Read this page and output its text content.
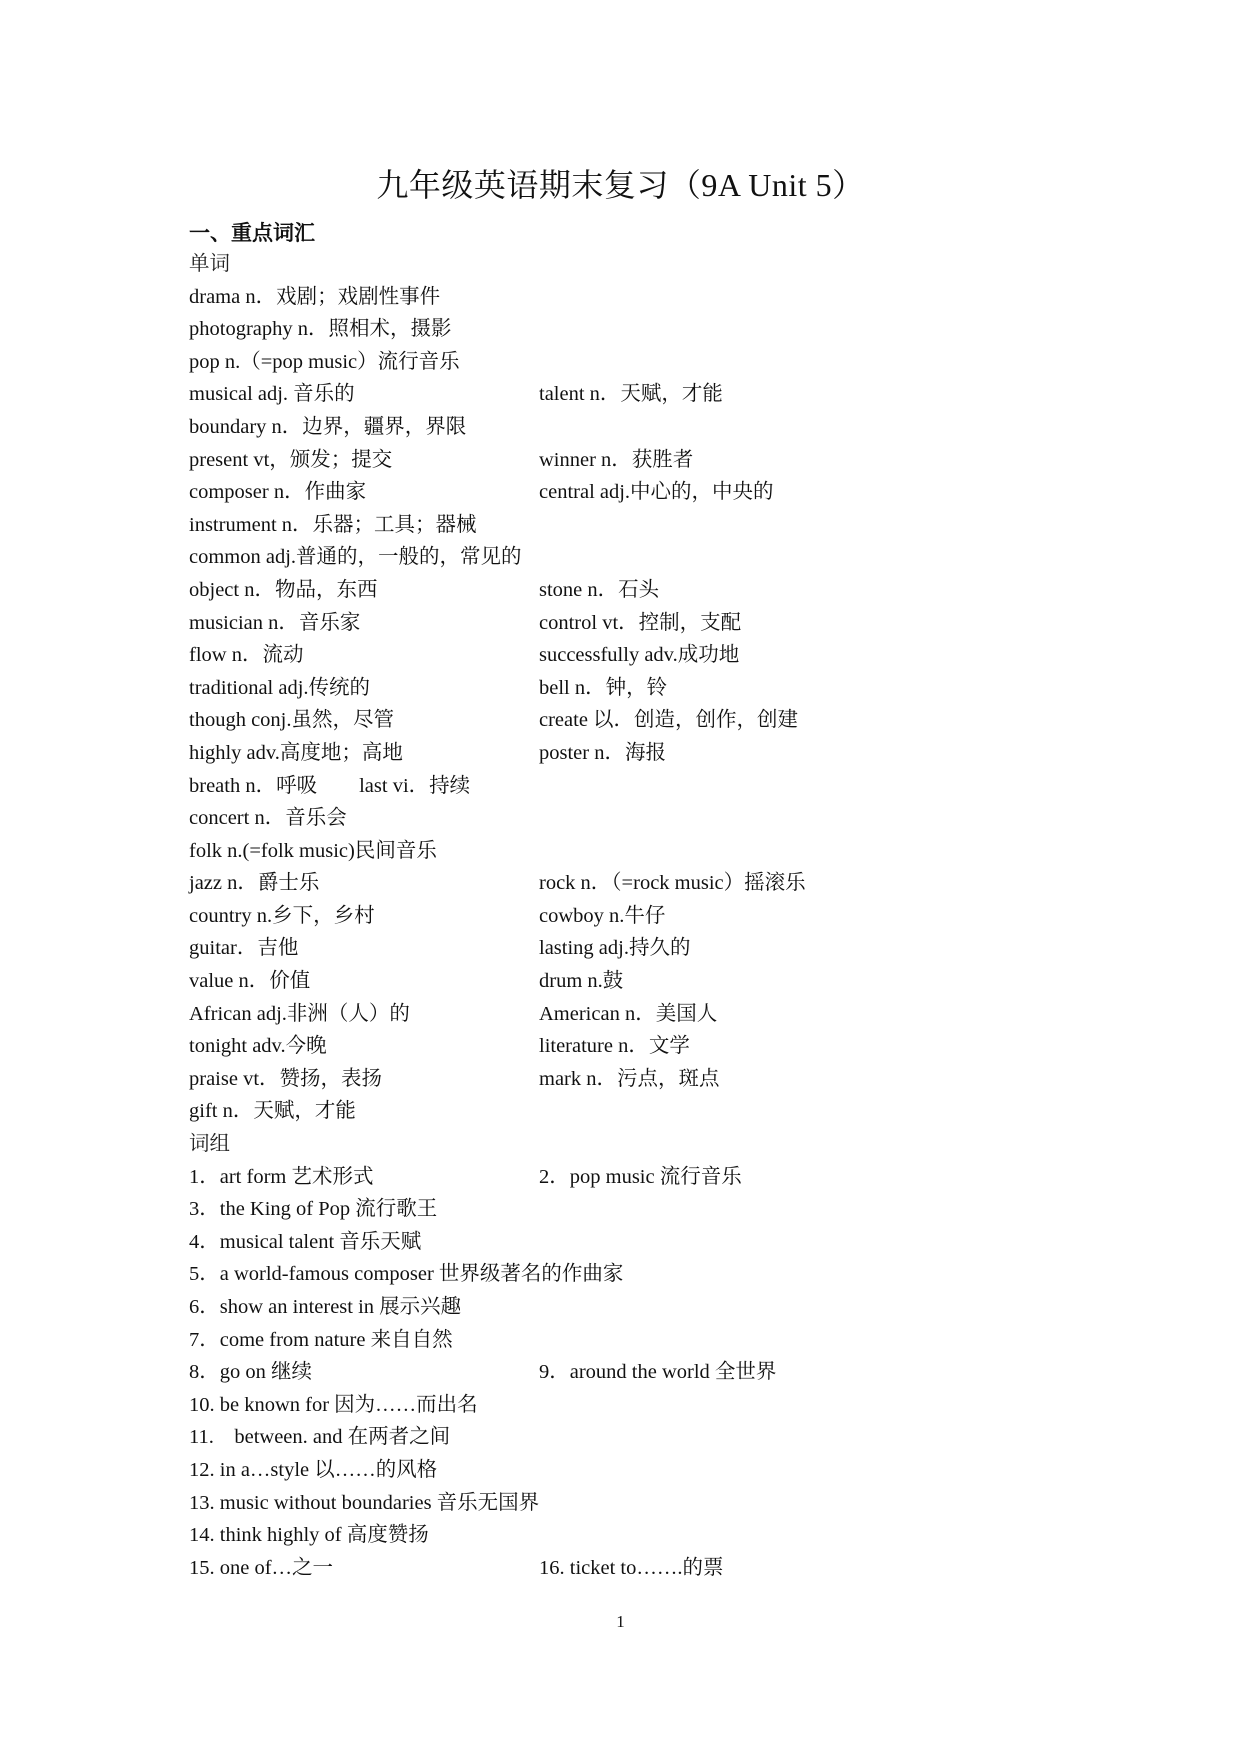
九年级英语期末复习（9A Unit 5）
一、重点词汇
单词
drama n．戏剧；戏剧性事件
photography n．照相术，摄影
pop n.（=pop music）流行音乐
musical adj. 音乐的	talent n．天赋，才能
boundary n．边界，疆界，界限
present vt，颁发；提交	winner n．获胜者
composer n．作曲家	central adj.中心的，中央的
instrument n．乐器；工具；器械
common adj.普通的，一般的，常见的
object n．物品，东西	stone n．石头
musician n．音乐家	control vt．控制，支配
flow n．流动	successfully adv.成功地
traditional adj.传统的	bell n．钟，铃
though conj.虽然，尽管	create 以．创造，创作，创建
highly adv.高度地；高地	poster n．海报
breath n．呼吸 last vi．持续
concert n．音乐会
folk n.(=folk music)民间音乐
jazz n．爵士乐	rock n．（=rock music）摇滚乐
country n.乡下，乡村	cowboy n.牛仔
guitar．吉他	lasting adj.持久的
value n．价值	drum n.鼓
African adj.非洲（人）的	American n．美国人
tonight adv.今晚	literature n．文学
praise vt．赞扬，表扬	mark n．污点，斑点
gift n．天赋，才能
词组
1．art form 艺术形式	2．pop music 流行音乐
3．the King of Pop 流行歌王
4．musical talent 音乐天赋
5．a world-famous composer 世界级著名的作曲家
6．show an interest in 展示兴趣
7．come from nature 来自自然
8．go on 继续	9．around the world 全世界
10. be known for 因为……而出名
11.　between. and 在两者之间
12. in a…style 以……的风格
13. music without boundaries 音乐无国界
14. think highly of 高度赞扬
15. one of…之一	16. ticket to…….的票
1
